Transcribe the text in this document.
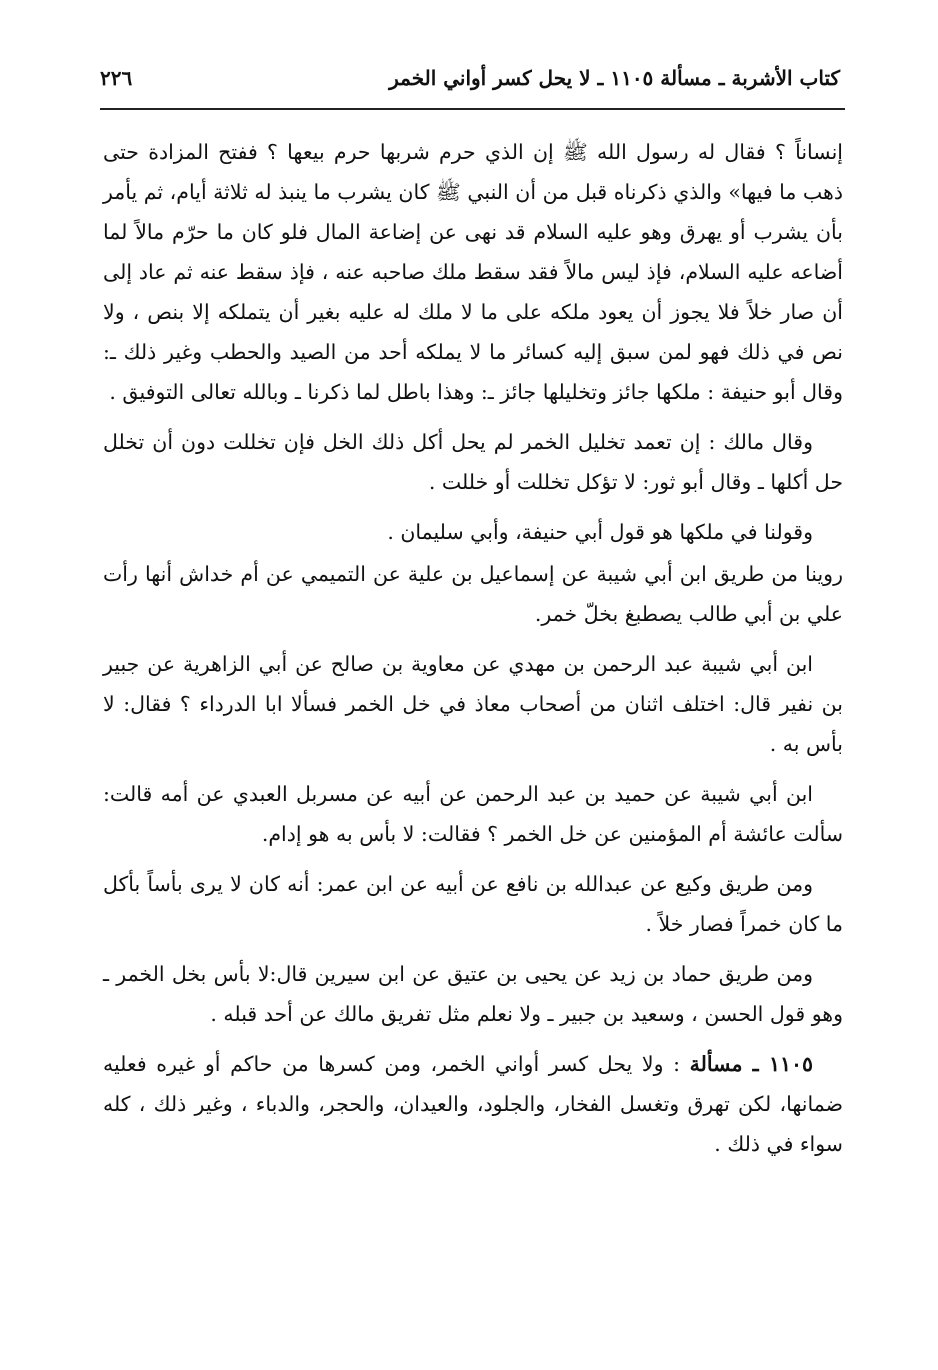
كتاب الأشربة ـ مسألة ١١٠٥ ـ لا يحل كسر أواني الخمر
٢٢٦

إنساناً ؟ فقال له رسول الله ﷺ إن الذي حرم شربها حرم بيعها ؟ ففتح المزادة حتى ذهب ما فيها» والذي ذكرناه قبل من أن النبي ﷺ كان يشرب ما ينبذ له ثلاثة أيام، ثم يأمر بأن يشرب أو يهرق وهو عليه السلام قد نهى عن إضاعة المال فلو كان ما حرّم مالاً لما أضاعه عليه السلام، فإذ ليس مالاً فقد سقط ملك صاحبه عنه ، فإذ سقط عنه ثم عاد إلى أن صار خلاً فلا يجوز أن يعود ملكه على ما لا ملك له عليه بغير أن يتملكه إلا بنص ، ولا نص في ذلك فهو لمن سبق إليه كسائر ما لا يملكه أحد من الصيد والحطب وغير ذلك ـ: وقال أبو حنيفة : ملكها جائز وتخليلها جائز ـ: وهذا باطل لما ذكرنا ـ وبالله تعالى التوفيق .

وقال مالك : إن تعمد تخليل الخمر لم يحل أكل ذلك الخل فإن تخللت دون أن تخلل حل أكلها ـ وقال أبو ثور: لا تؤكل تخللت أو خللت .

وقولنا في ملكها هو قول أبي حنيفة، وأبي سليمان .

روينا من طريق ابن أبي شيبة عن إسماعيل بن علية عن التميمي عن أم خداش أنها رأت علي بن أبي طالب يصطبغ بخلّ خمر.

ابن أبي شيبة عبد الرحمن بن مهدي عن معاوية بن صالح عن أبي الزاهرية عن جبير بن نفير قال: اختلف اثنان من أصحاب معاذ في خل الخمر فسألا ابا الدرداء ؟ فقال: لا بأس به .

ابن أبي شيبة عن حميد بن عبد الرحمن عن أبيه عن مسربل العبدي عن أمه قالت: سألت عائشة أم المؤمنين عن خل الخمر ؟ فقالت: لا بأس به هو إدام.

ومن طريق وكيع عن عبدالله بن نافع عن أبيه عن ابن عمر: أنه كان لا يرى بأساً بأكل ما كان خمراً فصار خلاً .

ومن طريق حماد بن زيد عن يحيى بن عتيق عن ابن سيرين قال:لا بأس بخل الخمر ـ وهو قول الحسن ، وسعيد بن جبير ـ ولا نعلم مثل تفريق مالك عن أحد قبله .

١١٠٥ ـ مسألة : ولا يحل كسر أواني الخمر، ومن كسرها من حاكم أو غيره فعليه ضمانها، لكن تهرق وتغسل الفخار، والجلود، والعيدان، والحجر، والدباء ، وغير ذلك ، كله سواء في ذلك .
